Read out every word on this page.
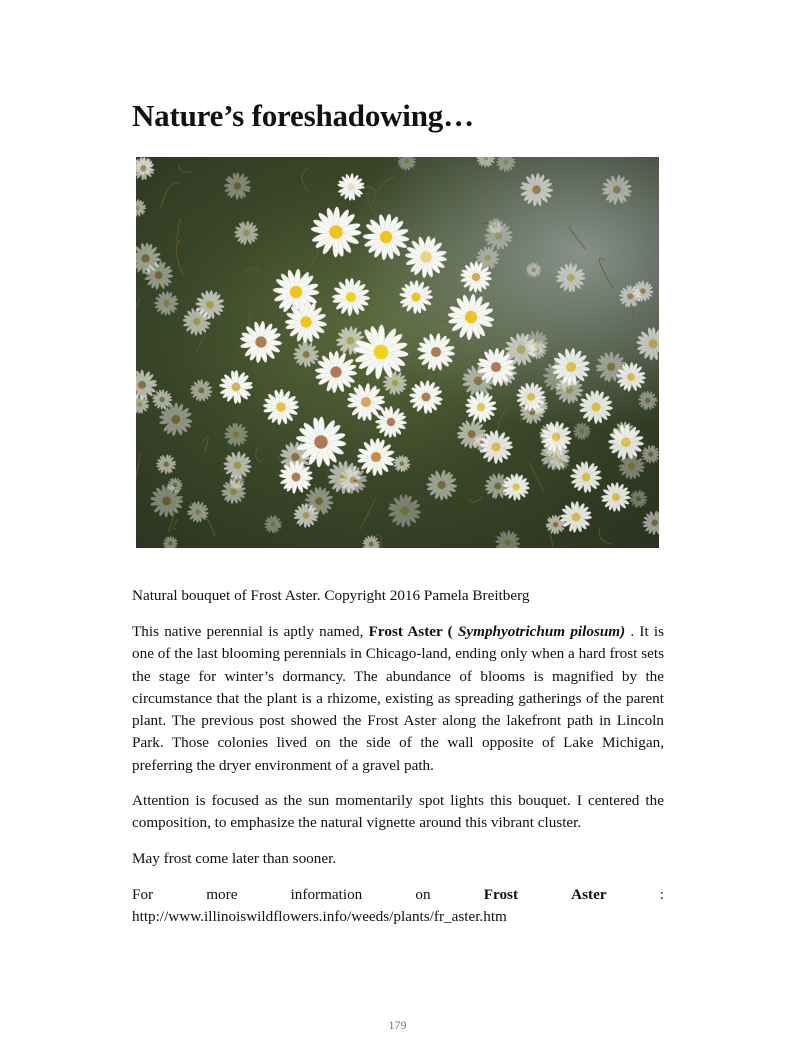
Nature’s foreshadowing…

Natural bouquet of Frost Aster. Copyright 2016 Pamela Breitberg

This native perennial is aptly named, Frost Aster ( Symphyotrichum pilosum) . It is one of the last blooming perennials in Chicago-land, ending only when a hard frost sets the stage for winter’s dormancy. The abundance of blooms is magnified by the circumstance that the plant is a rhizome, existing as spreading gatherings of the parent plant. The previous post showed the Frost Aster along the lakefront path in Lincoln Park. Those colonies lived on the side of the wall opposite of Lake Michigan, preferring the dryer environment of a gravel path.

Attention is focused as the sun momentarily spot lights this bouquet. I centered the composition, to emphasize the natural vignette around this vibrant cluster.

May frost come later than sooner.

For	more	information	on	Frost	Aster	:
http://www.illinoiswildflowers.info/weeds/plants/fr_aster.htm
179
